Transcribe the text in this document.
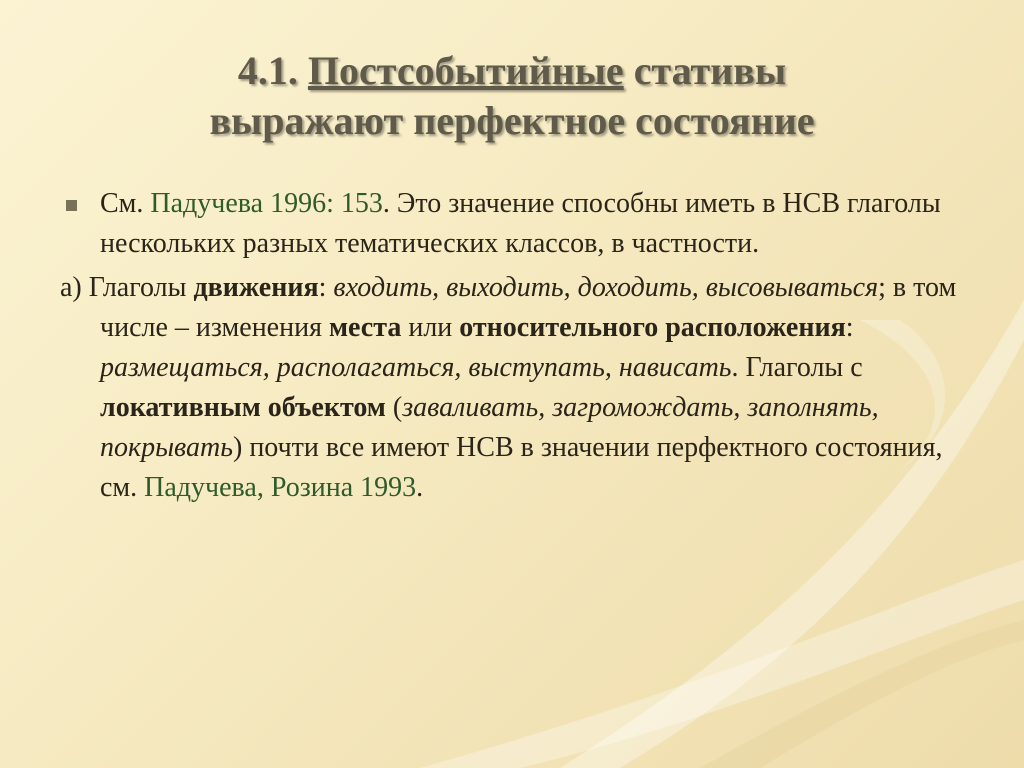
4.1. Постсобытийные стативы
выражают перфектное состояние

См. Падучева 1996: 153. Это значение способны иметь в НСВ глаголы нескольких разных тематических классов, в частности.

а) Глаголы движения: входить, выходить, доходить, высовываться; в том числе – изменения места или относительного расположения: размещаться, располагаться, выступать, нависать. Глаголы с локативным объектом (заваливать, загромождать, заполнять, покрывать) почти все имеют НСВ в значении перфектного состояния, см. Падучева, Розина 1993.
